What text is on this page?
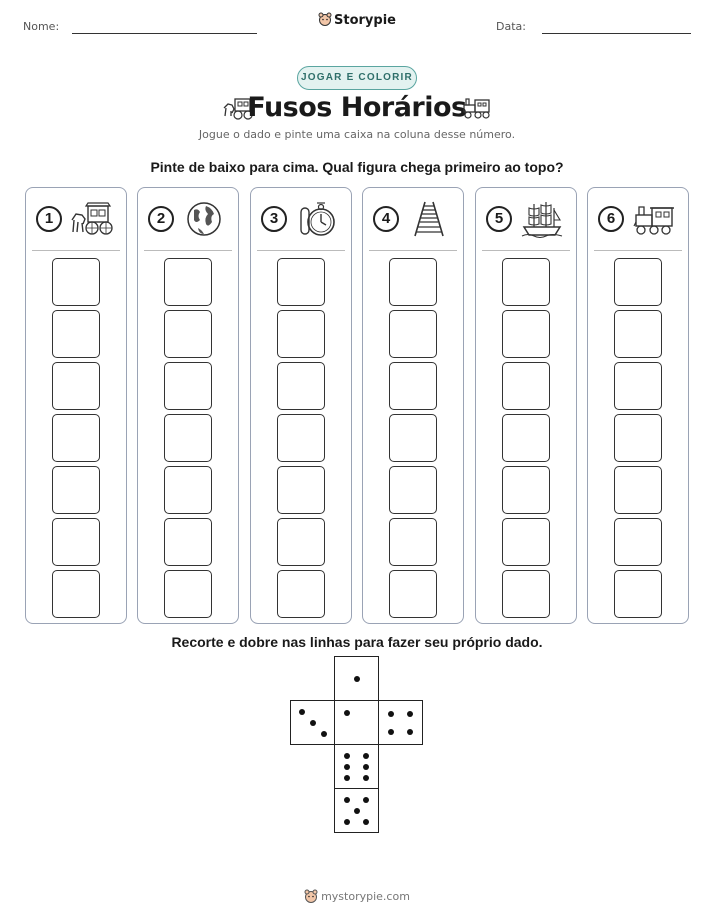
Nome:	Storypie	Data:
JOGAR E COLORIR
Fusos Horários
Jogue o dado e pinte uma caixa na coluna desse número.
Pinte de baixo para cima. Qual figura chega primeiro ao topo?
1	2	3	4	5	6
Recorte e dobre nas linhas para fazer seu próprio dado.
mystorypie.com
